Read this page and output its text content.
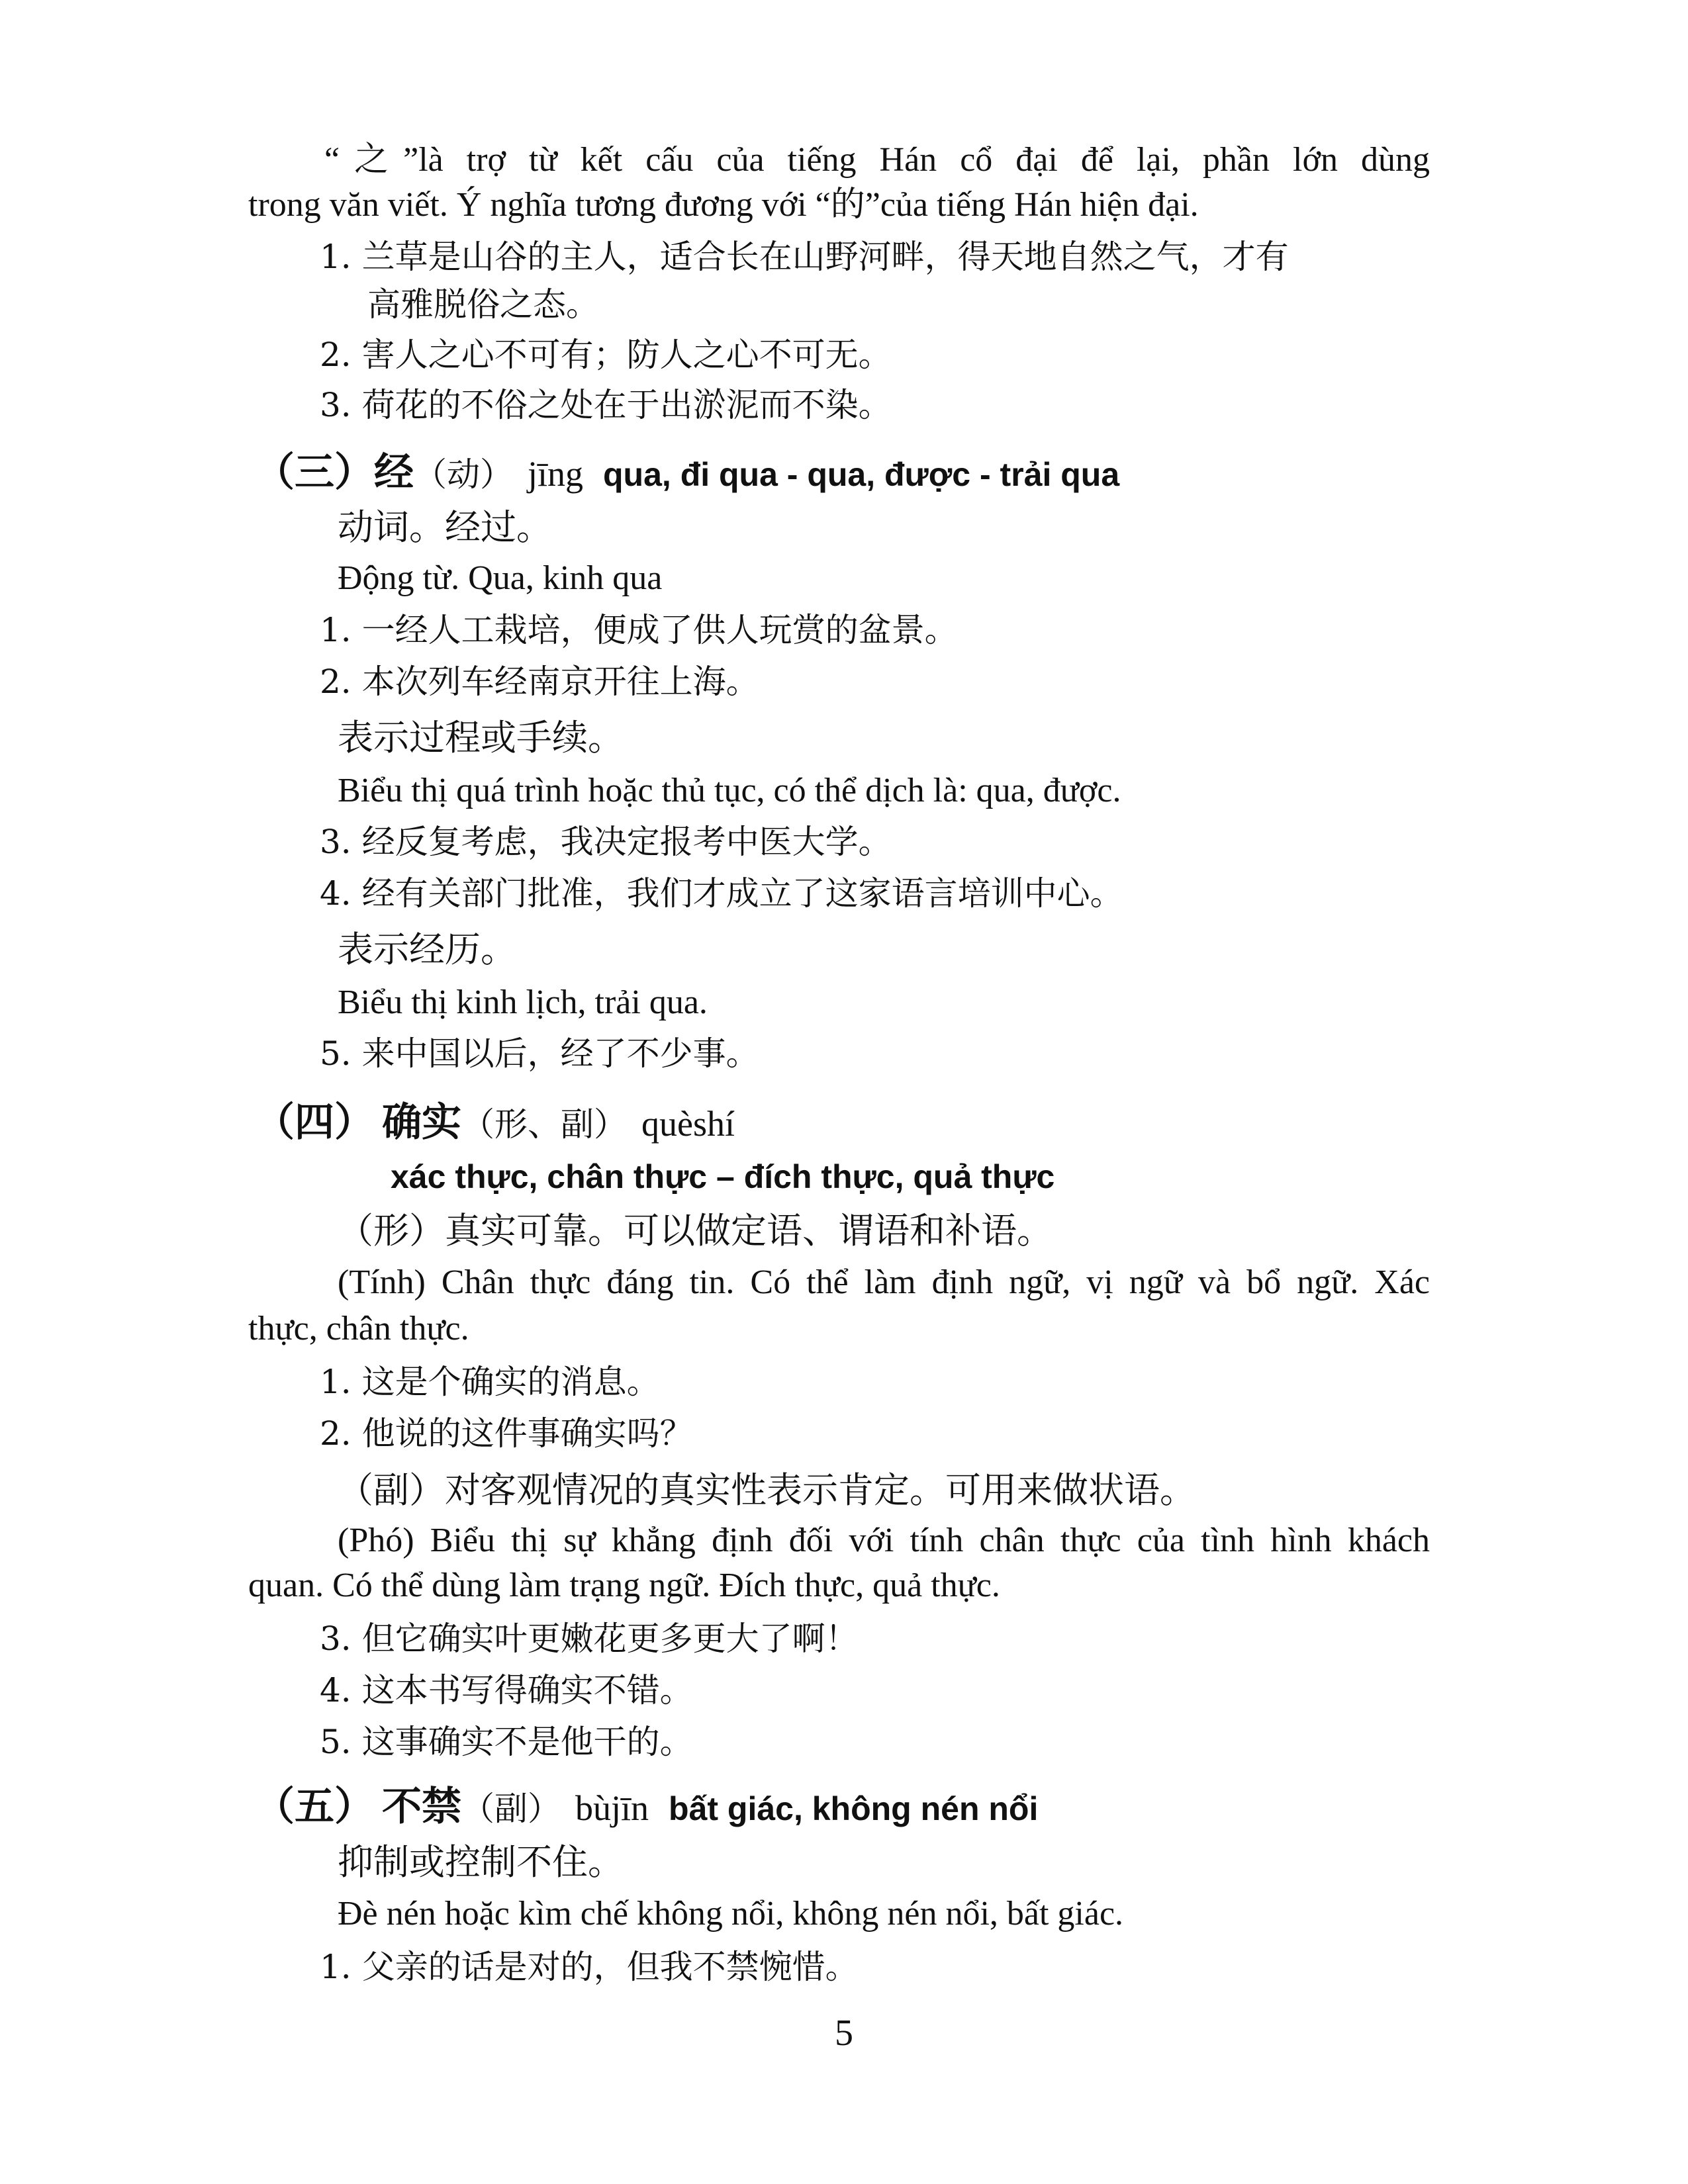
“之”là trợ từ kết cấu của tiếng Hán cổ đại để lại, phần lớn dùng
trong văn viết. Ý nghĩa tương đương với “的”của tiếng Hán hiện đại.
1. 兰草是山谷的主人，适合长在山野河畔，得天地自然之气，才有
高雅脱俗之态。
2. 害人之心不可有；防人之心不可无。
3. 荷花的不俗之处在于出淤泥而不染。
（三）经（动） jīng qua, đi qua - qua, được - trải qua
动词。经过。
Động từ. Qua, kinh qua
1. 一经人工栽培，便成了供人玩赏的盆景。
2. 本次列车经南京开往上海。
表示过程或手续。
Biểu thị quá trình hoặc thủ tục, có thể dịch là: qua, được.
3. 经反复考虑，我决定报考中医大学。
4. 经有关部门批准，我们才成立了这家语言培训中心。
表示经历。
Biểu thị kinh lịch, trải qua.
5. 来中国以后，经了不少事。
（四） 确实（形、副） quèshí
xác thực, chân thực – đích thực, quả thực
（形）真实可靠。可以做定语、谓语和补语。
(Tính) Chân thực đáng tin. Có thể làm định ngữ, vị ngữ và bổ ngữ. Xác
thực, chân thực.
1. 这是个确实的消息。
2. 他说的这件事确实吗？
（副）对客观情况的真实性表示肯定。可用来做状语。
(Phó) Biểu thị sự khẳng định đối với tính chân thực của tình hình khách
quan. Có thể dùng làm trạng ngữ. Đích thực, quả thực.
3. 但它确实叶更嫩花更多更大了啊！
4. 这本书写得确实不错。
5. 这事确实不是他干的。
（五） 不禁（副） bùjīn bất giác, không nén nổi
抑制或控制不住。
Đè nén hoặc kìm chế không nổi, không nén nổi, bất giác.
1. 父亲的话是对的，但我不禁惋惜。
5
